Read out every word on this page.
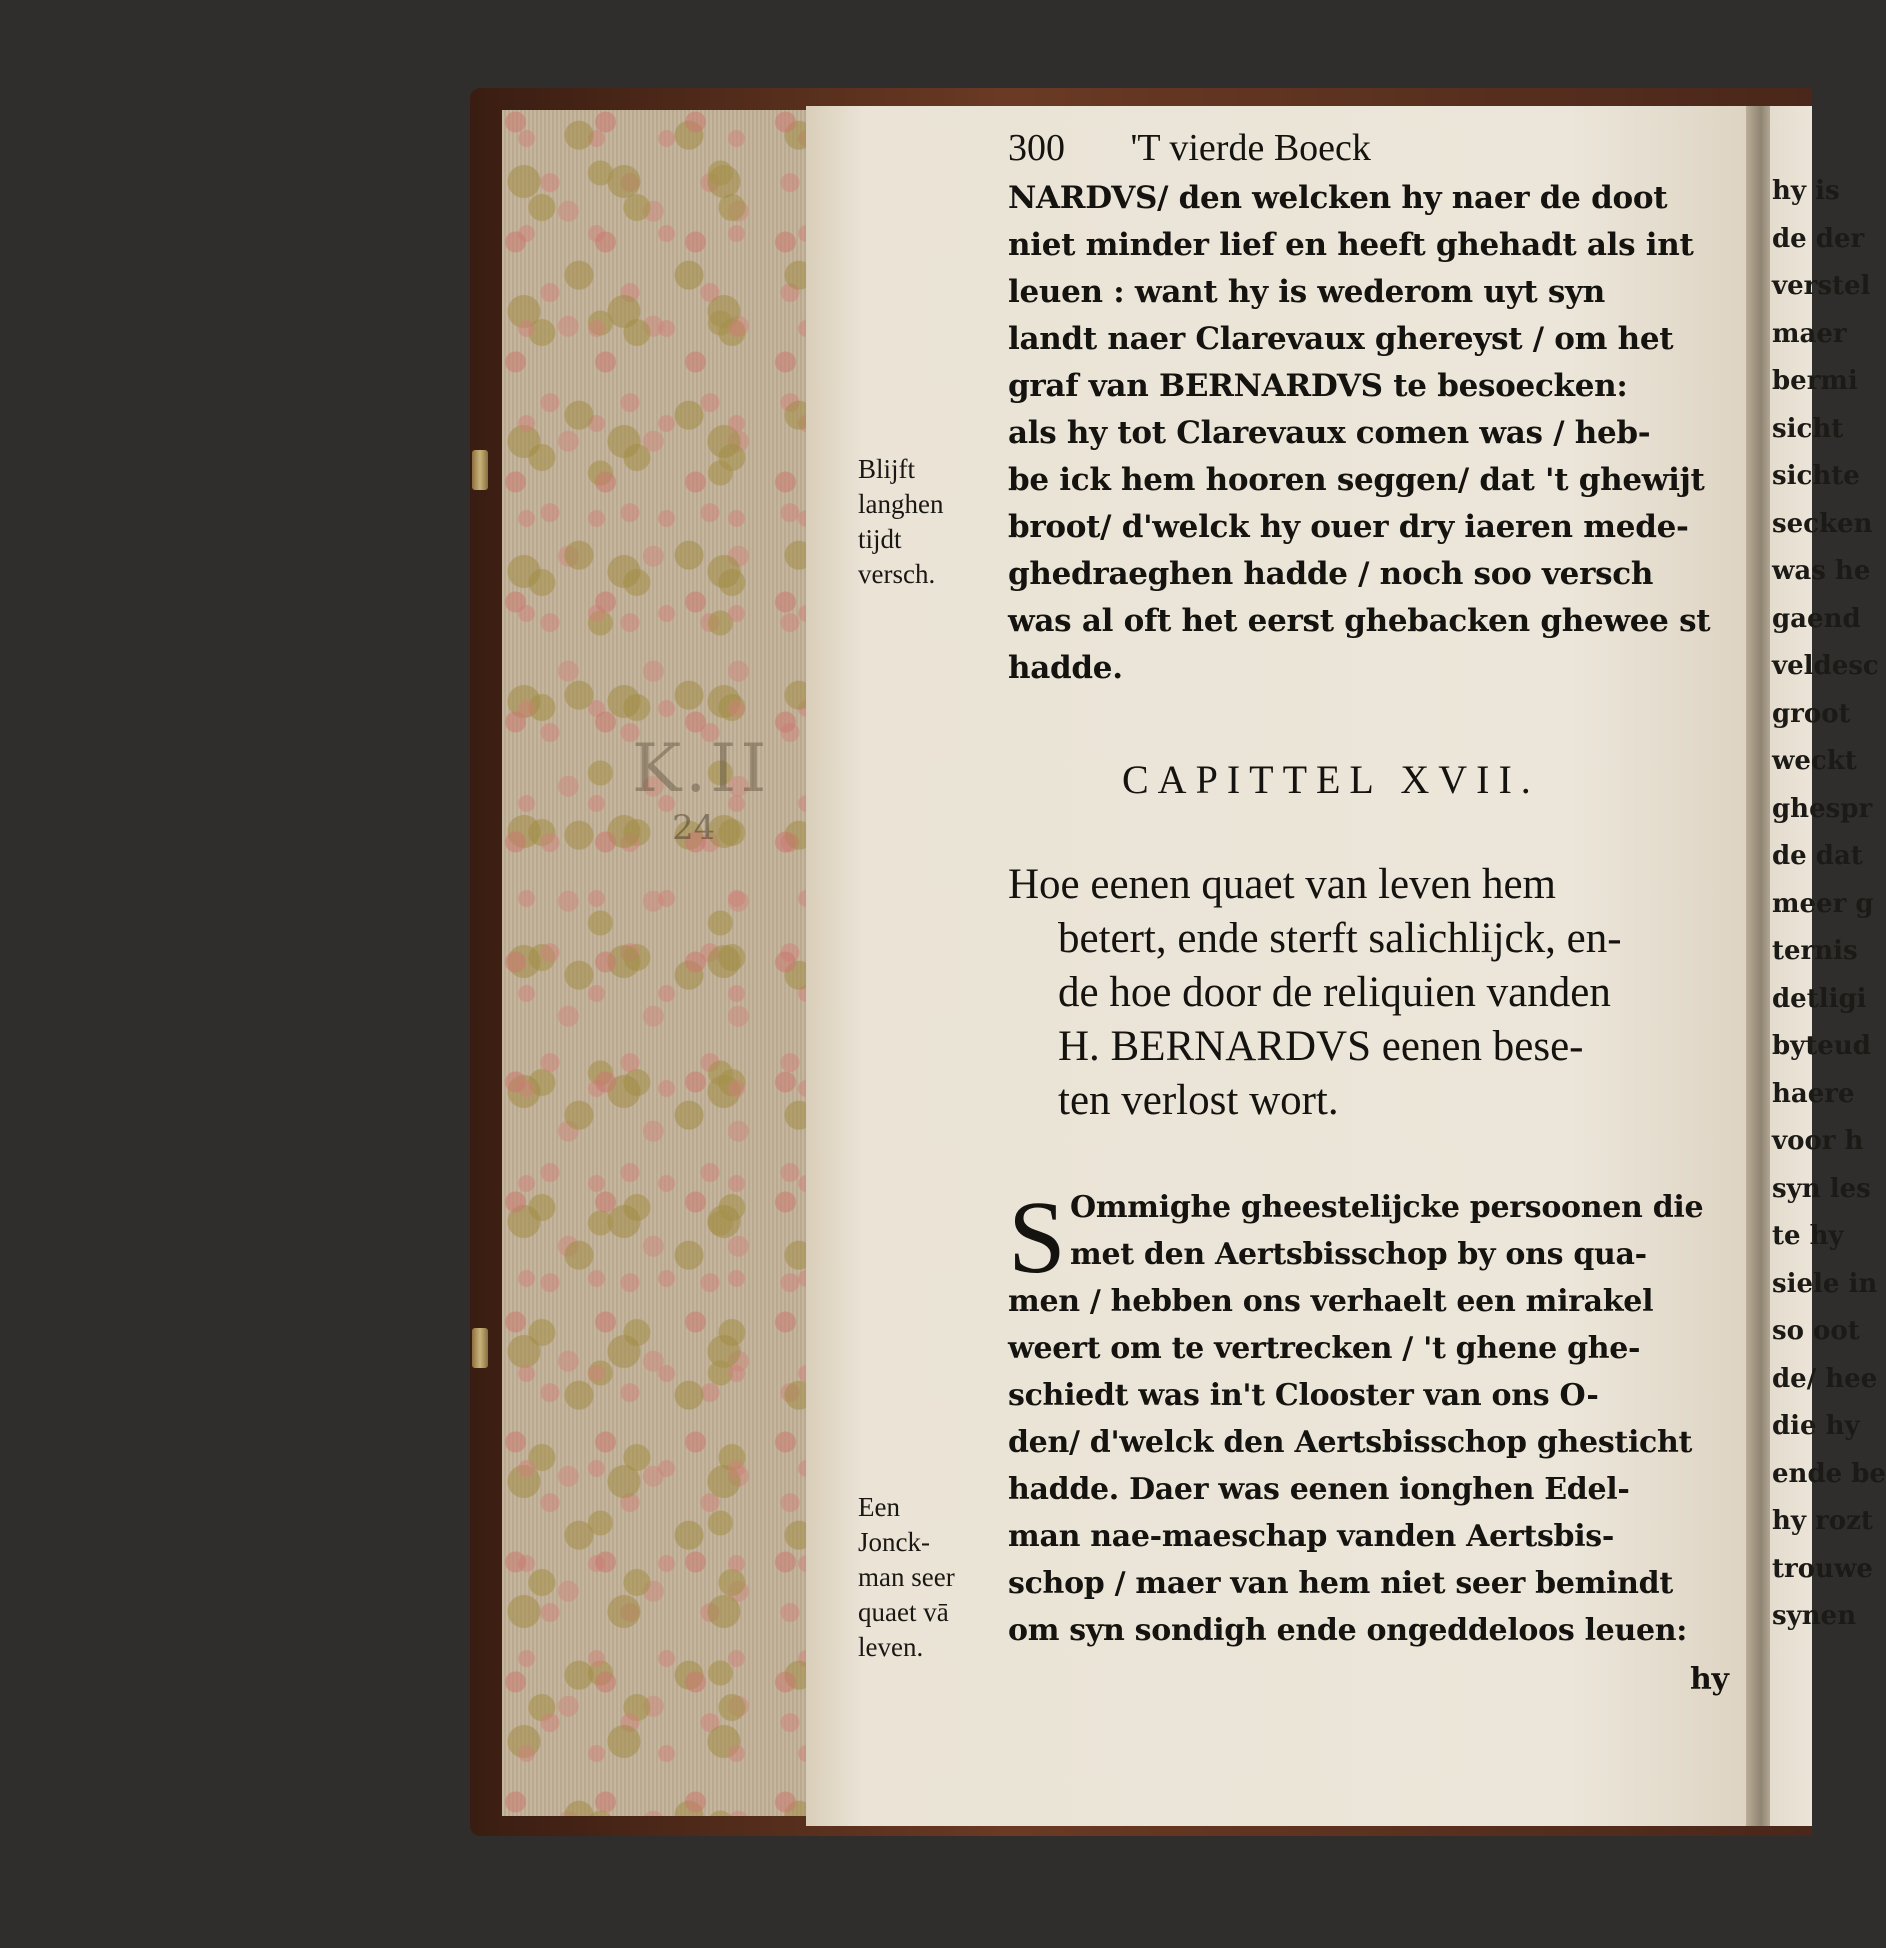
K.II
24
300 'T vierde Boeck
NARDVS/ den welcken hy naer de doot
niet minder lief en heeft ghehadt als int
leuen : want hy is wederom uyt syn
landt naer Clarevaux ghereyst / om het
graf van BERNARDVS te besoecken:
als hy tot Clarevaux comen was / heb-
be ick hem hooren seggen/ dat 't ghewijt
broot/ d'welck hy ouer dry iaeren mede-
ghedraeghen hadde / noch soo versch
was al oft het eerst ghebacken ghewee st
hadde.
Blijft
langhen
tijdt
versch.
CAPITTEL XVII.
Hoe eenen quaet van leven hem
betert, ende sterft salichlijck, en-
de hoe door de reliquien vanden
H. BERNARDVS eenen bese-
ten verlost wort.
S Ommighe gheestelijcke persoonen die
met den Aertsbisschop by ons qua-
men / hebben ons verhaelt een mirakel
weert om te vertrecken / 't ghene ghe-
schiedt was in't Clooster van ons O-
den/ d'welck den Aertsbisschop ghesticht
hadde. Daer was eenen ionghen Edel-
man nae-maeschap vanden Aertsbis-
schop / maer van hem niet seer bemindt
om syn sondigh ende ongeddeloos leuen:
hy
Een
Jonck-
man seer
quaet vā
leven.
hy is
de der
verstel
maer
bermi
sicht
sichte
secken
was he
gaend
veldesc
groot
weckt
ghespr
de dat
meer g
ternis
detligi
byteud
haere
voor h
syn les
te hy
siele in
so oot
de/ hee
die hy
ende be
hy rozt
trouwe
synen
